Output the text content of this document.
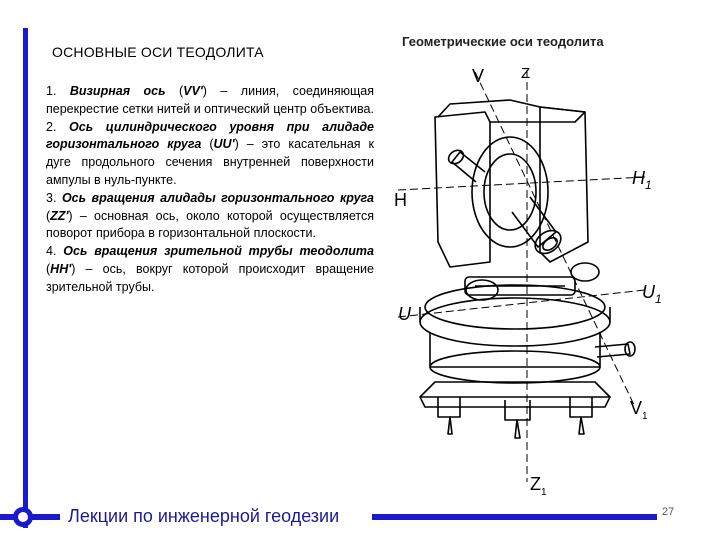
ОСНОВНЫЕ ОСИ ТЕОДОЛИТА
Геометрические оси теодолита

1. Визирная ось (VV') – линия, соединяющая перекрестие сетки нитей и оптический центр объектива.

2. Ось цилиндрического уровня при алидаде горизонтального круга (UU') – это касательная к дуге продольного сечения внутренней поверхности ампулы в нуль-пункте.

3. Ось вращения алидады горизонтального круга (ZZ') – основная ось, около которой осуществляется поворот прибора в горизонтальной плоскости.

4. Ось вращения зрительной трубы теодолита (HH') – ось, вокруг которой происходит вращение зрительной трубы.

V Z
H
$H_1$
U
$U_1$
$V_1$
$Z_1$
Лекции по инженерной геодезии	27
